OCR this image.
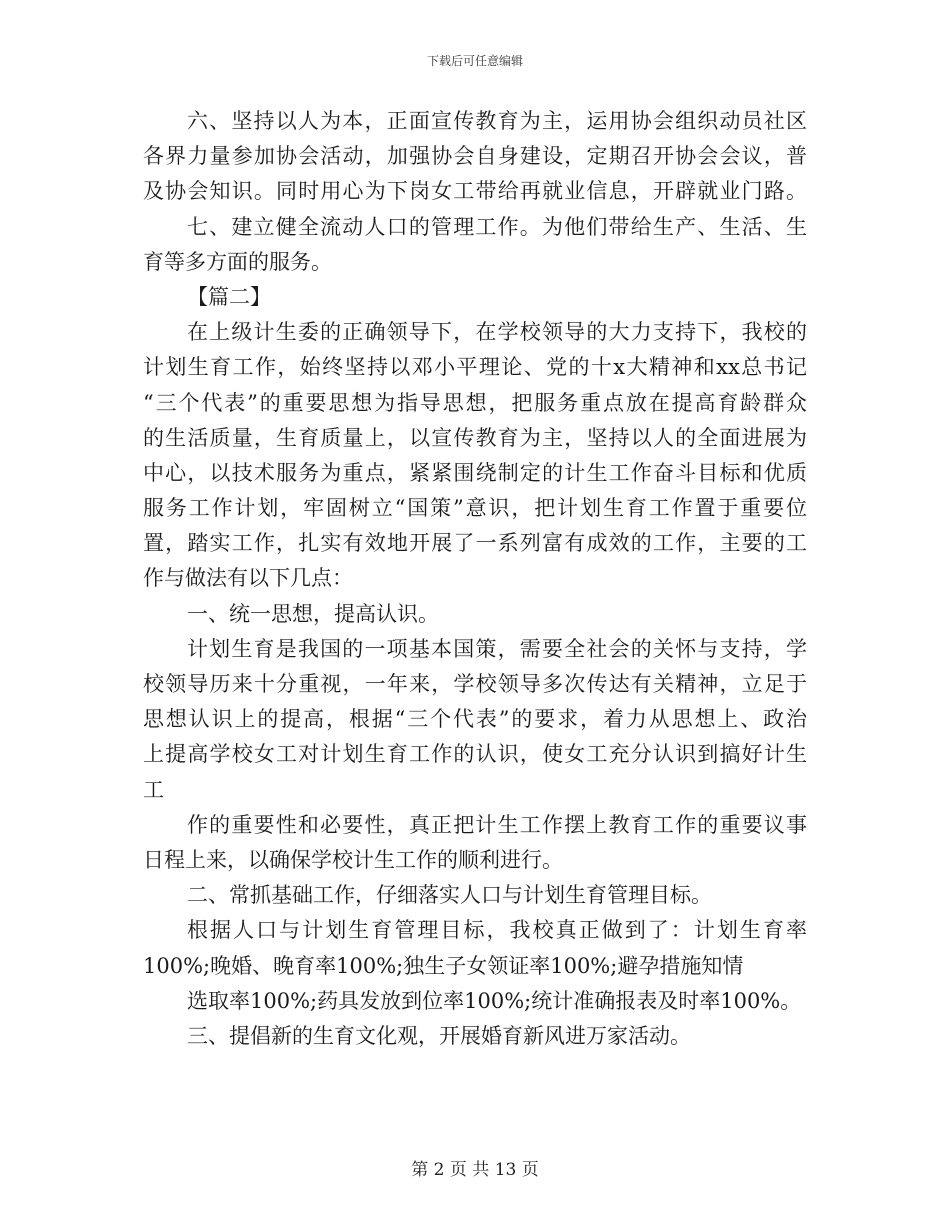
下载后可任意编辑
六、坚持以人为本，正面宣传教育为主，运用协会组织动员社区
各界力量参加协会活动，加强协会自身建设，定期召开协会会议，普
及协会知识。同时用心为下岗女工带给再就业信息，开辟就业门路。
七、建立健全流动人口的管理工作。为他们带给生产、生活、生
育等多方面的服务。
【篇二】
在上级计生委的正确领导下，在学校领导的大力支持下，我校的
计划生育工作，始终坚持以邓小平理论、党的十x大精神和xx总书记
“三个代表”的重要思想为指导思想，把服务重点放在提高育龄群众
的生活质量，生育质量上，以宣传教育为主，坚持以人的全面进展为
中心，以技术服务为重点，紧紧围绕制定的计生工作奋斗目标和优质
服务工作计划，牢固树立“国策”意识，把计划生育工作置于重要位
置，踏实工作，扎实有效地开展了一系列富有成效的工作，主要的工
作与做法有以下几点：
一、统一思想，提高认识。
计划生育是我国的一项基本国策，需要全社会的关怀与支持，学
校领导历来十分重视，一年来，学校领导多次传达有关精神，立足于
思想认识上的提高，根据“三个代表”的要求，着力从思想上、政治
上提高学校女工对计划生育工作的认识，使女工充分认识到搞好计生
工
作的重要性和必要性，真正把计生工作摆上教育工作的重要议事
日程上来，以确保学校计生工作的顺利进行。
二、常抓基础工作，仔细落实人口与计划生育管理目标。
根据人口与计划生育管理目标，我校真正做到了：计划生育率
100%;晚婚、晚育率100%;独生子女领证率100%;避孕措施知情
选取率100%;药具发放到位率100%;统计准确报表及时率100%。
三、提倡新的生育文化观，开展婚育新风进万家活动。
第 2 页 共 13 页
